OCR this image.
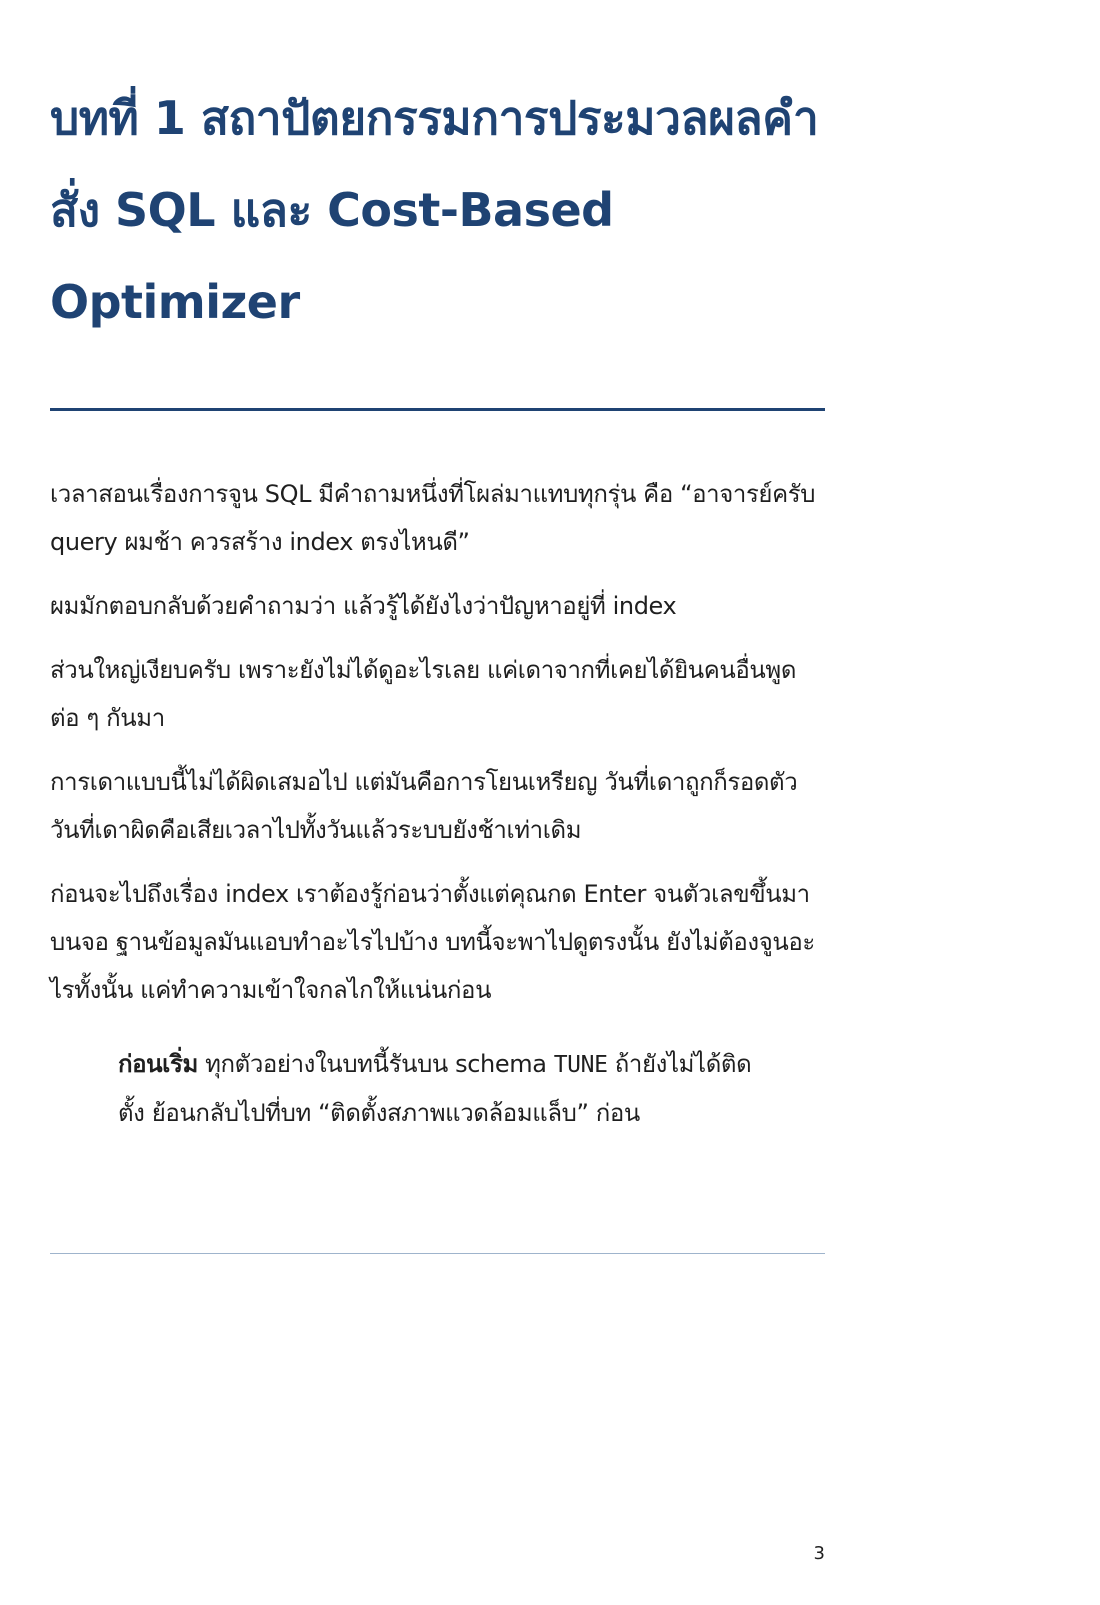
บทที่ 1 สถาปัตยกรรมการประมวลผลคำสั่ง SQL และ Cost-Based Optimizer

เวลาสอนเรื่องการจูน SQL มีคำถามหนึ่งที่โผล่มาแทบทุกรุ่น คือ “อาจารย์ครับ query ผมช้า ควรสร้าง index ตรงไหนดี”

ผมมักตอบกลับด้วยคำถามว่า แล้วรู้ได้ยังไงว่าปัญหาอยู่ที่ index

ส่วนใหญ่เงียบครับ เพราะยังไม่ได้ดูอะไรเลย แค่เดาจากที่เคยได้ยินคนอื่นพูดต่อ ๆ กันมา

การเดาแบบนี้ไม่ได้ผิดเสมอไป แต่มันคือการโยนเหรียญ วันที่เดาถูกก็รอดตัว วันที่เดาผิดคือเสียเวลาไปทั้งวันแล้วระบบยังช้าเท่าเดิม

ก่อนจะไปถึงเรื่อง index เราต้องรู้ก่อนว่าตั้งแต่คุณกด Enter จนตัวเลขขึ้นมาบนจอ ฐานข้อมูลมันแอบทำอะไรไปบ้าง บทนี้จะพาไปดูตรงนั้น ยังไม่ต้องจูนอะไรทั้งนั้น แค่ทำความเข้าใจกลไกให้แน่นก่อน

ก่อนเริ่ม ทุกตัวอย่างในบทนี้รันบน schema TUNE ถ้ายังไม่ได้ติดตั้ง ย้อนกลับไปที่บท “ติดตั้งสภาพแวดล้อมแล็บ” ก่อน
3
